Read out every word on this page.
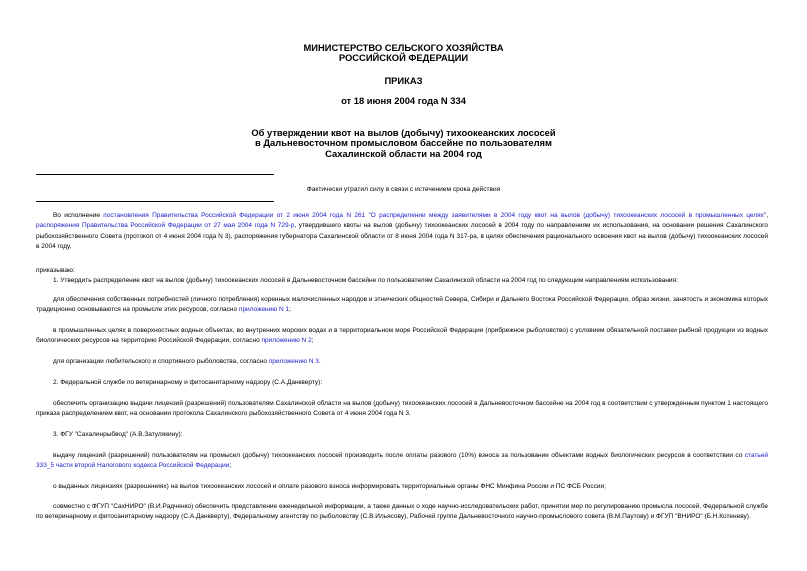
МИНИСТЕРСТВО СЕЛЬСКОГО ХОЗЯЙСТВА
РОССИЙСКОЙ ФЕДЕРАЦИИ
ПРИКАЗ
от 18 июня 2004 года N 334
Об утверждении квот на вылов (добычу) тихоокеанских лососей
в Дальневосточном промысловом бассейне по пользователям
Сахалинской области на 2004 год
Фактически утратил силу в связи с истечением срока действия
Во исполнение постановления Правительства Российской Федерации от 2 июня 2004 года N 261 "О распределении между заявителями в 2004 году квот на вылов (добычу) тихоокеанских лососей в промышленных целях", распоряжения Правительства Российской Федерации от 27 мая 2004 года N 729-р, утвердившего квоты на вылов (добычу) тихоокеанских лососей в 2004 году по направлениям их использования, на основании решения Сахалинского рыбохозяйственного Совета (протокол от 4 июня 2004 года N 3), распоряжения губернатора Сахалинской области от 8 июня 2004 года N 317-ра, в целях обеспечения рационального освоения квот на вылов (добычу) тихоокеанских лососей в 2004 году,
приказываю:
1. Утвердить распределение квот на вылов (добычу) тихоокеанских лососей в Дальневосточном бассейне по пользователям Сахалинской области на 2004 год по следующим направлениям использования:
для обеспечения собственных потребностей (личного потребления) коренных малочисленных народов и этнических общностей Севера, Сибири и Дальнего Востока Российской Федерации, образ жизни, занятость и экономика которых традиционно основываются на промысле этих ресурсов, согласно приложению N 1;
в промышленных целях в поверхностных водных объектах, во внутренних морских водах и в территориальном море Российской Федерации (прибрежное рыболовство) с условием обязательной поставки рыбной продукции из водных биологических ресурсов на территорию Российской Федерации, согласно приложению N 2;
для организации любительского и спортивного рыболовства, согласно приложению N 3.
2. Федеральной службе по ветеринарному и фитосанитарному надзору (С.А.Данкверту):
обеспечить организацию выдачи лицензий (разрешений) пользователям Сахалинской области на вылов (добычу) тихоокеанских лососей в Дальневосточном бассейне на 2004 год в соответствии с утвержденным пунктом 1 настоящего приказа распределением квот, на основании протокола Сахалинского рыбохозяйственного Совета от 4 июня 2004 года N 3.
3. ФГУ "Сахалинрыбвод" (А.В.Затулякину):
выдачу лицензий (разрешений) пользователям на промысел (добычу) тихоокеанских лососей производить после оплаты разового (10%) взноса за пользование объектами водных биологических ресурсов в соответствии со статьей 333_5 части второй Налогового кодекса Российской Федерации;
о выданных лицензиях (разрешениях) на вылов тихоокеанских лососей и оплате разового взноса информировать территориальные органы ФНС Минфина России и ПС ФСБ России;
совместно с ФГУП "СахНИРО" (В.И.Радченко) обеспечить представление еженедельной информации, а также данных о ходе научно-исследовательских работ, принятии мер по регулированию промысла лососей, Федеральной службе по ветеринарному и фитосанитарному надзору (С.А.Данкверту), Федеральному агентству по рыболовству (С.В.Ильясову), Рабочей группе Дальневосточного научно-промыслового совета (В.М.Паутову) и ФГУП "ВНИРО" (Б.Н.Котеневу).
